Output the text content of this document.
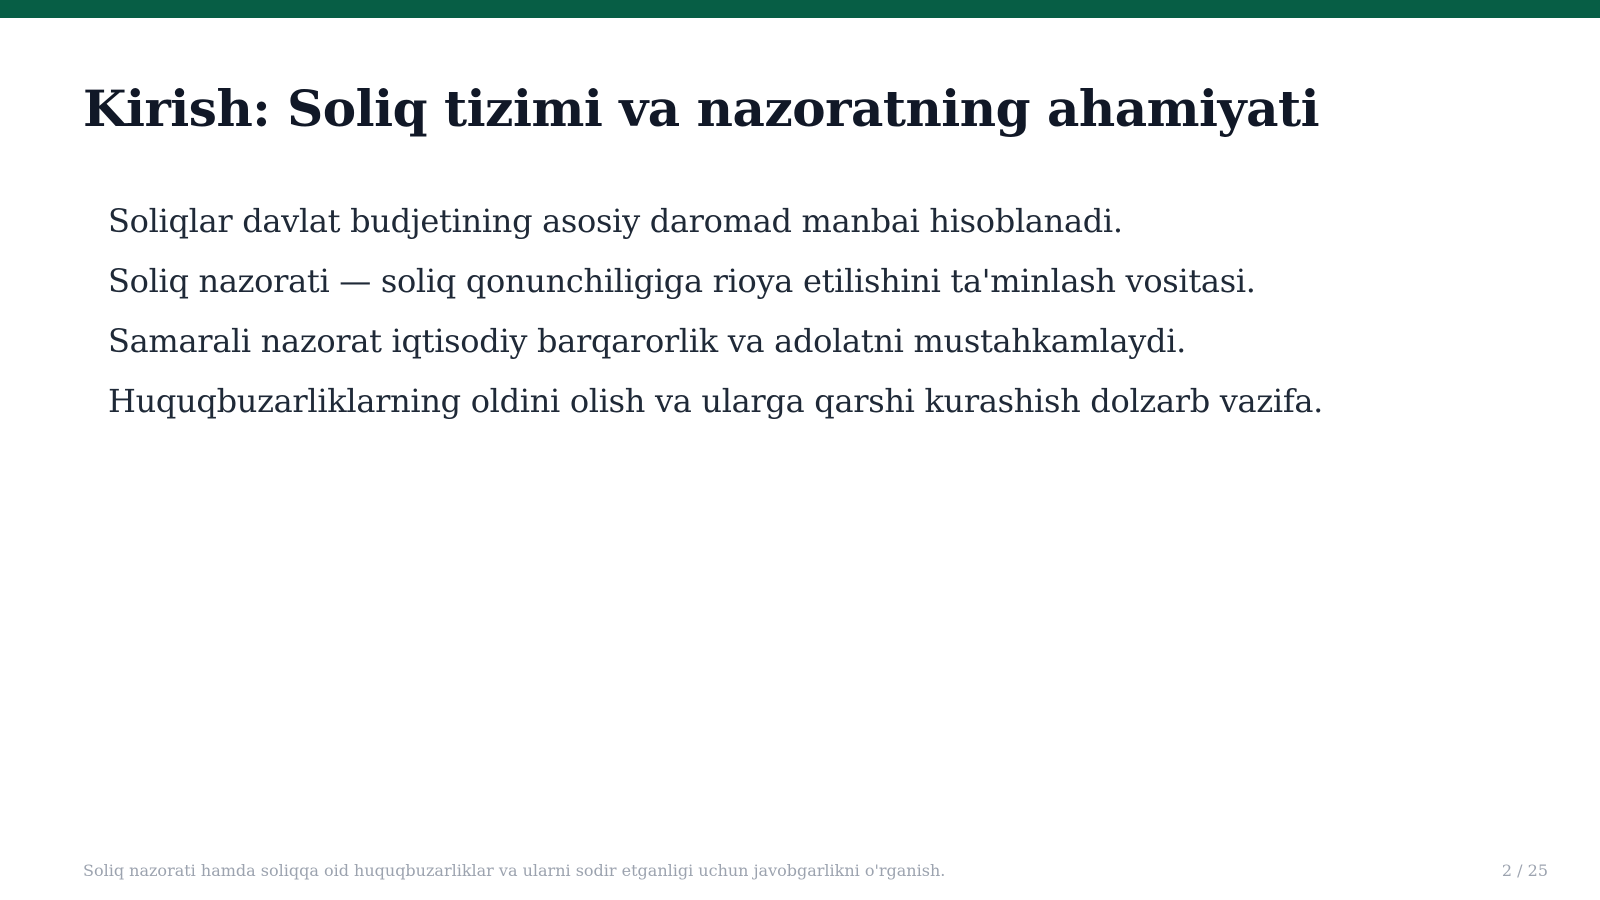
Kirish: Soliq tizimi va nazoratning ahamiyati
Soliqlar davlat budjetining asosiy daromad manbai hisoblanadi.
Soliq nazorati — soliq qonunchiligiga rioya etilishini ta'minlash vositasi.
Samarali nazorat iqtisodiy barqarorlik va adolatni mustahkamlaydi.
Huquqbuzarliklarning oldini olish va ularga qarshi kurashish dolzarb vazifa.
Soliq nazorati hamda soliqqa oid huquqbuzarliklar va ularni sodir etganligi uchun javobgarlikni o'rganish.	2 / 25
